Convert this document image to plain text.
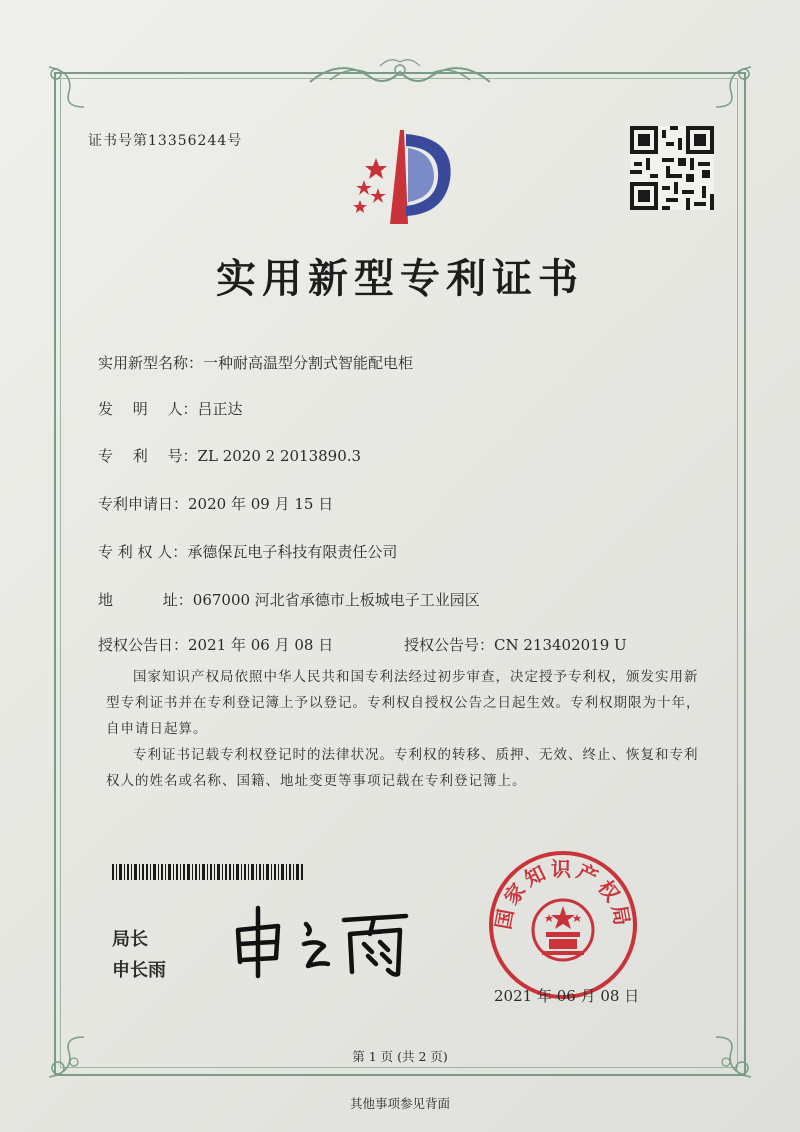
证书号第13356244号
实用新型专利证书
实用新型名称：一种耐高温型分割式智能配电柜
发　 明　 人：吕正达
专　 利　 号：ZL 2020 2 2013890.3
专利申请日：2020 年 09 月 15 日
专 利 权 人：承德保瓦电子科技有限责任公司
地　　　 址：067000 河北省承德市上板城电子工业园区
授权公告日：2021 年 06 月 08 日	授权公告号：CN 213402019 U
国家知识产权局依照中华人民共和国专利法经过初步审查，决定授予专利权，颁发实用新型专利证书并在专利登记簿上予以登记。专利权自授权公告之日起生效。专利权期限为十年，自申请日起算。
专利证书记载专利权登记时的法律状况。专利权的转移、质押、无效、终止、恢复和专利权人的姓名或名称、国籍、地址变更等事项记载在专利登记簿上。
局长
申长雨
国家知识产权局
2021 年 06 月 08 日
第 1 页 (共 2 页)
其他事项参见背面
